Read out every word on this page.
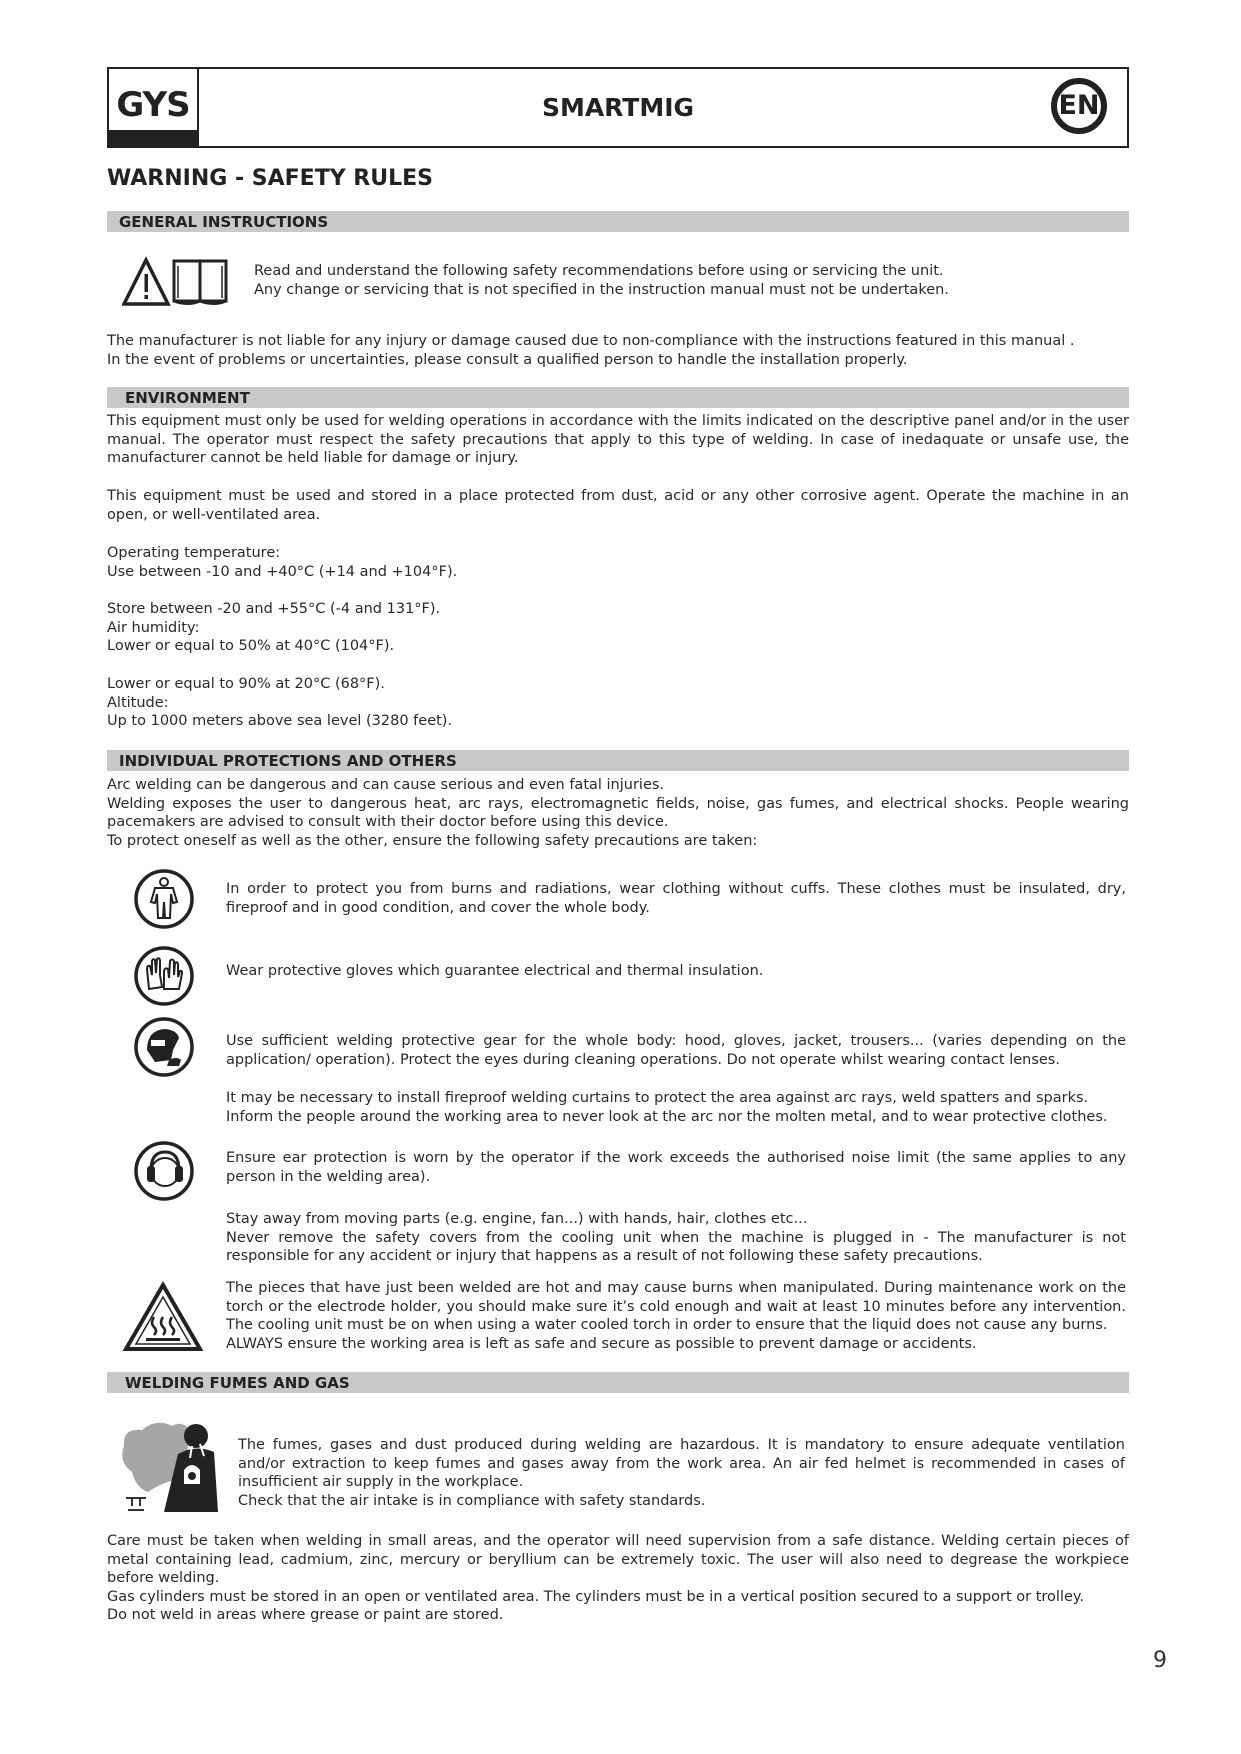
GYS	SMARTMIG	EN
WARNING - SAFETY RULES
GENERAL INSTRUCTIONS
Read and understand the following safety recommendations before using or servicing the unit.
Any change or servicing that is not specified in the instruction manual must not be undertaken.
The manufacturer is not liable for any injury or damage caused due to non-compliance with the instructions featured in this manual .
In the event of problems or uncertainties, please consult a qualified person to handle the installation properly.
ENVIRONMENT
This equipment must only be used for welding operations in accordance with the limits indicated on the descriptive panel and/or in the user manual. The operator must respect the safety precautions that apply to this type of welding. In case of inedaquate or unsafe use, the manufacturer cannot be held liable for damage or injury.
This equipment must be used and stored in a place protected from dust, acid or any other corrosive agent. Operate the machine in an open, or well-ventilated area.
Operating temperature:
Use between -10 and +40°C (+14 and +104°F).
Store between -20 and +55°C (-4 and 131°F).
Air humidity:
Lower or equal to 50% at 40°C (104°F).
Lower or equal to 90% at 20°C (68°F).
Altitude:
Up to 1000 meters above sea level (3280 feet).
INDIVIDUAL PROTECTIONS AND OTHERS
Arc welding can be dangerous and can cause serious and even fatal injuries.
Welding exposes the user to dangerous heat, arc rays, electromagnetic fields, noise, gas fumes, and electrical shocks. People wearing pacemakers are advised to consult with their doctor before using this device.
To protect oneself as well as the other, ensure the following safety precautions are taken:
In order to protect you from burns and radiations, wear clothing without cuffs. These clothes must be insulated, dry, fireproof and in good condition, and cover the whole body.
Wear protective gloves which guarantee electrical and thermal insulation.
Use sufficient welding protective gear for the whole body: hood, gloves, jacket, trousers... (varies depending on the application/ operation). Protect the eyes during cleaning operations. Do not operate whilst wearing contact lenses.
It may be necessary to install fireproof welding curtains to protect the area against arc rays, weld spatters and sparks.
Inform the people around the working area to never look at the arc nor the molten metal, and to wear protective clothes.
Ensure ear protection is worn by the operator if the work exceeds the authorised noise limit (the same applies to any person in the welding area).
Stay away from moving parts (e.g. engine, fan...) with hands, hair, clothes etc...
Never remove the safety covers from the cooling unit when the machine is plugged in - The manufacturer is not responsible for any accident or injury that happens as a result of not following these safety precautions.
The pieces that have just been welded are hot and may cause burns when manipulated. During maintenance work on the torch or the electrode holder, you should make sure it’s cold enough and wait at least 10 minutes before any intervention. The cooling unit must be on when using a water cooled torch in order to ensure that the liquid does not cause any burns.
ALWAYS ensure the working area is left as safe and secure as possible to prevent damage or accidents.
WELDING FUMES AND GAS
The fumes, gases and dust produced during welding are hazardous. It is mandatory to ensure adequate ventilation and/or extraction to keep fumes and gases away from the work area. An air fed helmet is recommended in cases of insufficient air supply in the workplace.
Check that the air intake is in compliance with safety standards.
Care must be taken when welding in small areas, and the operator will need supervision from a safe distance. Welding certain pieces of metal containing lead, cadmium, zinc, mercury or beryllium can be extremely toxic. The user will also need to degrease the workpiece before welding.
Gas cylinders must be stored in an open or ventilated area. The cylinders must be in a vertical position secured to a support or trolley.
Do not weld in areas where grease or paint are stored.
9
